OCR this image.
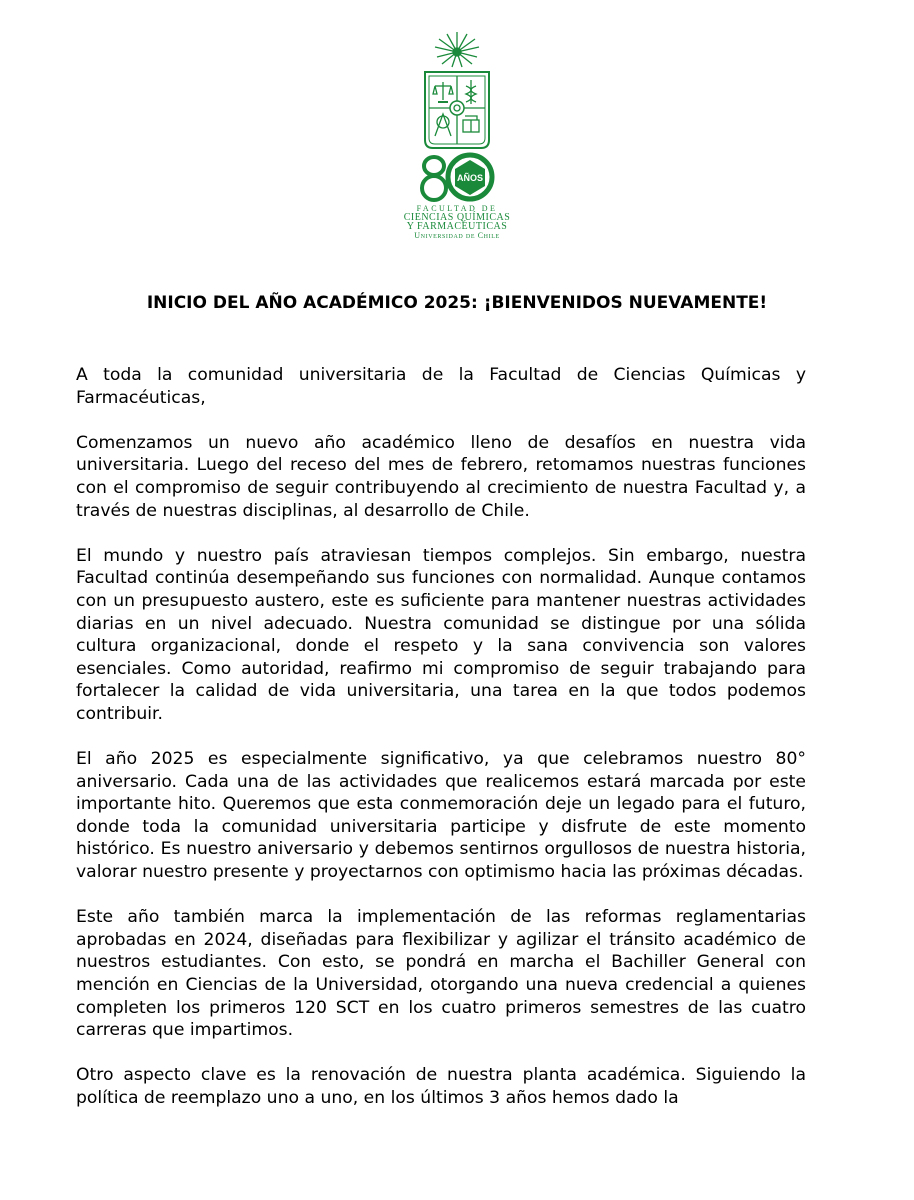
AÑOS
FACULTAD DE
CIENCIAS QUÍMICAS
Y FARMACÉUTICAS
Universidad de Chile
INICIO DEL AÑO ACADÉMICO 2025: ¡BIENVENIDOS NUEVAMENTE!

A toda la comunidad universitaria de la Facultad de Ciencias Químicas y Farmacéuticas,

Comenzamos un nuevo año académico lleno de desafíos en nuestra vida universitaria. Luego del receso del mes de febrero, retomamos nuestras funciones con el compromiso de seguir contribuyendo al crecimiento de nuestra Facultad y, a través de nuestras disciplinas, al desarrollo de Chile.

El mundo y nuestro país atraviesan tiempos complejos. Sin embargo, nuestra Facultad continúa desempeñando sus funciones con normalidad. Aunque contamos con un presupuesto austero, este es suficiente para mantener nuestras actividades diarias en un nivel adecuado. Nuestra comunidad se distingue por una sólida cultura organizacional, donde el respeto y la sana convivencia son valores esenciales. Como autoridad, reafirmo mi compromiso de seguir trabajando para fortalecer la calidad de vida universitaria, una tarea en la que todos podemos contribuir.

El año 2025 es especialmente significativo, ya que celebramos nuestro 80° aniversario. Cada una de las actividades que realicemos estará marcada por este importante hito. Queremos que esta conmemoración deje un legado para el futuro, donde toda la comunidad universitaria participe y disfrute de este momento histórico. Es nuestro aniversario y debemos sentirnos orgullosos de nuestra historia, valorar nuestro presente y proyectarnos con optimismo hacia las próximas décadas.

Este año también marca la implementación de las reformas reglamentarias aprobadas en 2024, diseñadas para flexibilizar y agilizar el tránsito académico de nuestros estudiantes. Con esto, se pondrá en marcha el Bachiller General con mención en Ciencias de la Universidad, otorgando una nueva credencial a quienes completen los primeros 120 SCT en los cuatro primeros semestres de las cuatro carreras que impartimos.

Otro aspecto clave es la renovación de nuestra planta académica. Siguiendo la política de reemplazo uno a uno, en los últimos 3 años hemos dado la
